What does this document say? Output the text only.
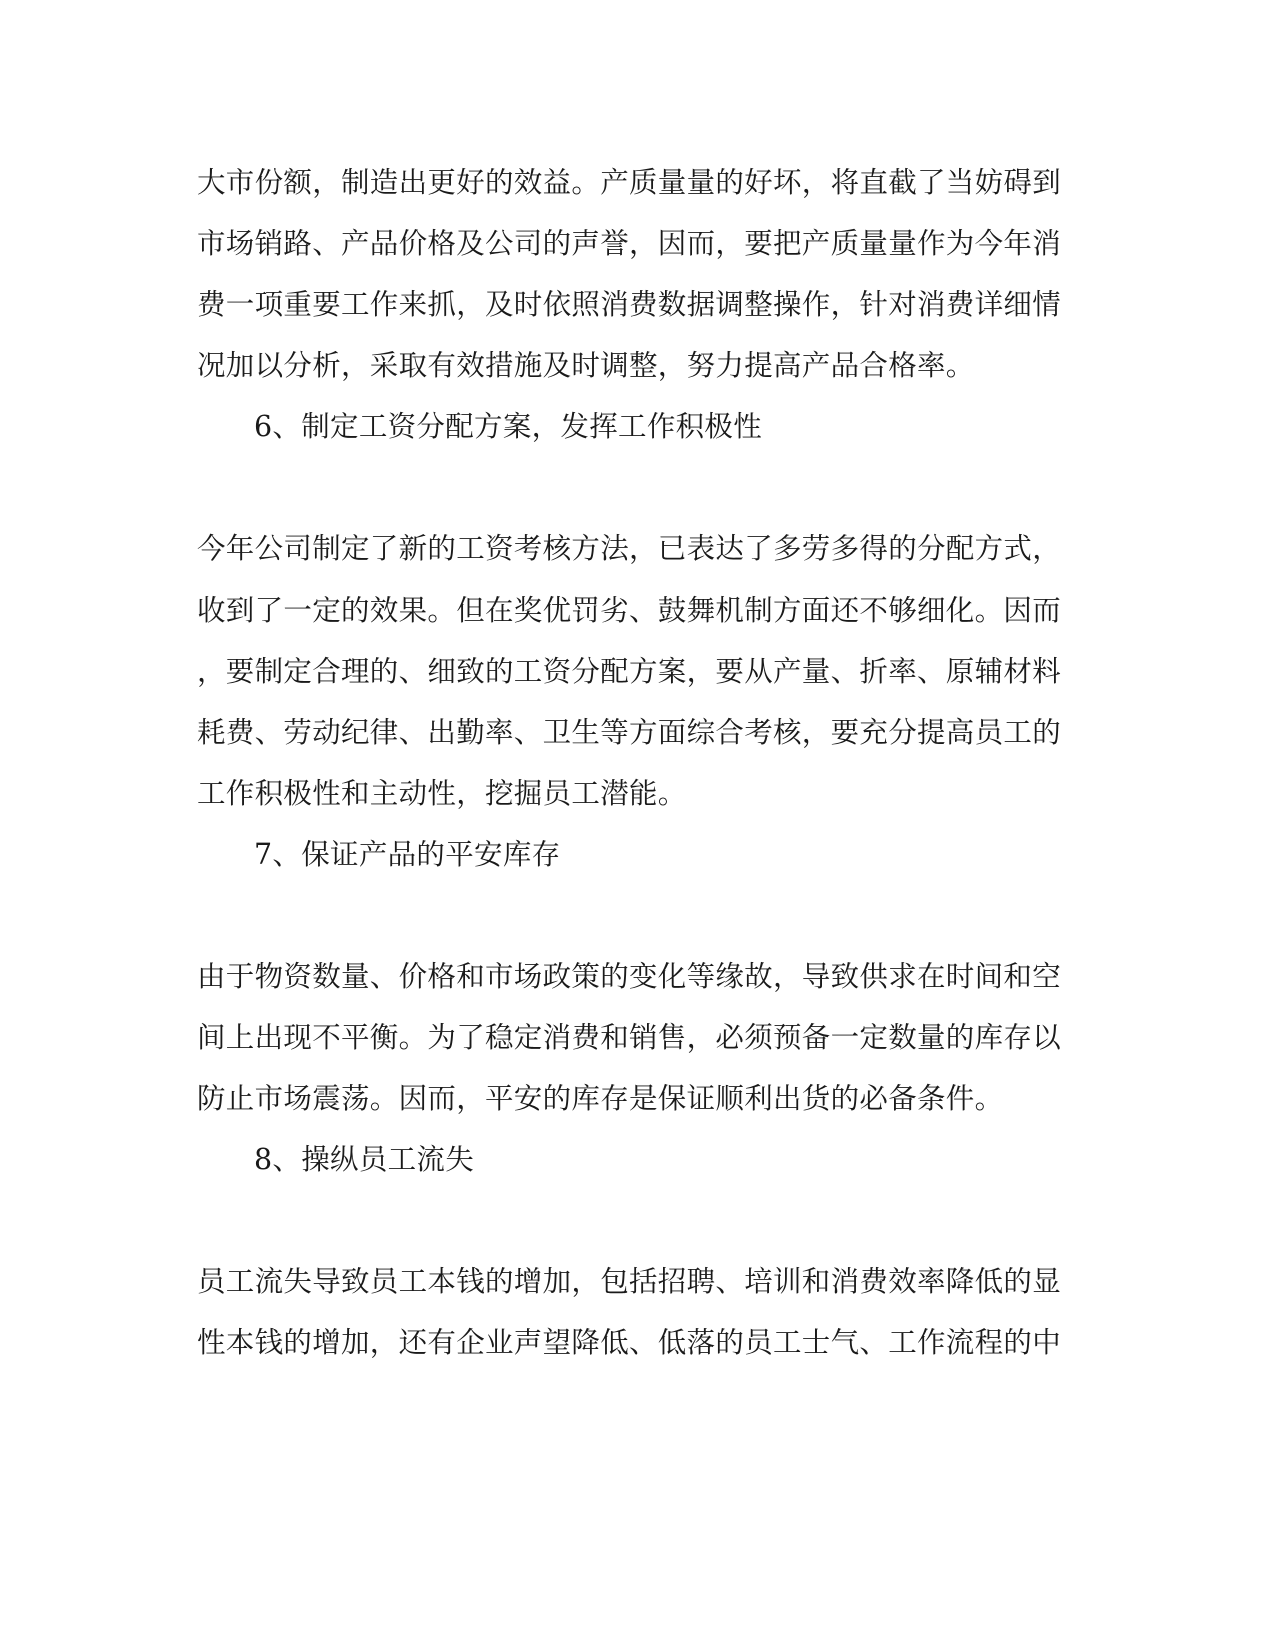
大市份额，制造出更好的效益。产质量量的好坏，将直截了当妨碍到
市场销路、产品价格及公司的声誉，因而，要把产质量量作为今年消
费一项重要工作来抓，及时依照消费数据调整操作，针对消费详细情
况加以分析，采取有效措施及时调整，努力提高产品合格率。
6、制定工资分配方案，发挥工作积极性
今年公司制定了新的工资考核方法，已表达了多劳多得的分配方式，
收到了一定的效果。但在奖优罚劣、鼓舞机制方面还不够细化。因而
，要制定合理的、细致的工资分配方案，要从产量、折率、原辅材料
耗费、劳动纪律、出勤率、卫生等方面综合考核，要充分提高员工的
工作积极性和主动性，挖掘员工潜能。
7、保证产品的平安库存
由于物资数量、价格和市场政策的变化等缘故，导致供求在时间和空
间上出现不平衡。为了稳定消费和销售，必须预备一定数量的库存以
防止市场震荡。因而，平安的库存是保证顺利出货的必备条件。
8、操纵员工流失
员工流失导致员工本钱的增加，包括招聘、培训和消费效率降低的显
性本钱的增加，还有企业声望降低、低落的员工士气、工作流程的中
